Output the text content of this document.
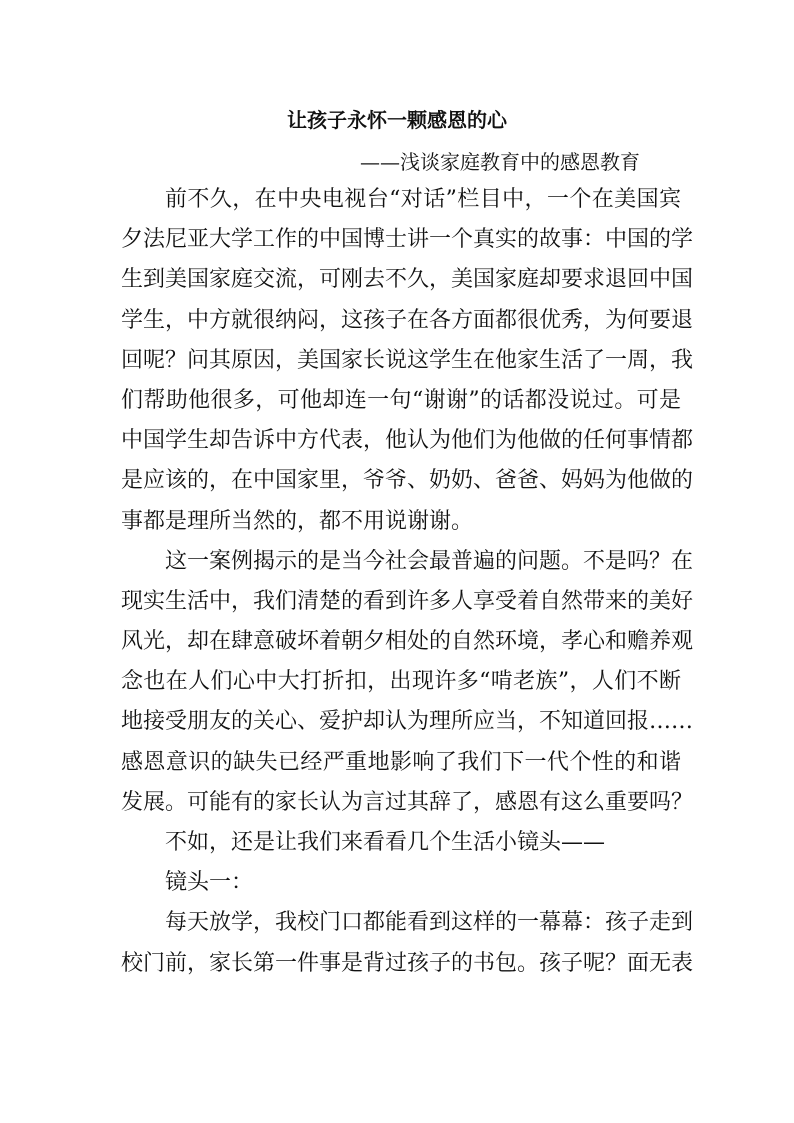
让孩子永怀一颗感恩的心

——浅谈家庭教育中的感恩教育

前不久，在中央电视台“对话”栏目中，一个在美国宾
夕法尼亚大学工作的中国博士讲一个真实的故事：中国的学
生到美国家庭交流，可刚去不久，美国家庭却要求退回中国
学生，中方就很纳闷，这孩子在各方面都很优秀，为何要退
回呢？问其原因，美国家长说这学生在他家生活了一周，我
们帮助他很多，可他却连一句“谢谢”的话都没说过。可是
中国学生却告诉中方代表，他认为他们为他做的任何事情都
是应该的，在中国家里，爷爷、奶奶、爸爸、妈妈为他做的
事都是理所当然的，都不用说谢谢。
这一案例揭示的是当今社会最普遍的问题。不是吗？在
现实生活中，我们清楚的看到许多人享受着自然带来的美好
风光，却在肆意破坏着朝夕相处的自然环境，孝心和赡养观
念也在人们心中大打折扣，出现许多“啃老族”，人们不断
地接受朋友的关心、爱护却认为理所应当，不知道回报……
感恩意识的缺失已经严重地影响了我们下一代个性的和谐
发展。可能有的家长认为言过其辞了，感恩有这么重要吗？
不如，还是让我们来看看几个生活小镜头——
镜头一：
每天放学，我校门口都能看到这样的一幕幕：孩子走到
校门前，家长第一件事是背过孩子的书包。孩子呢？面无表
